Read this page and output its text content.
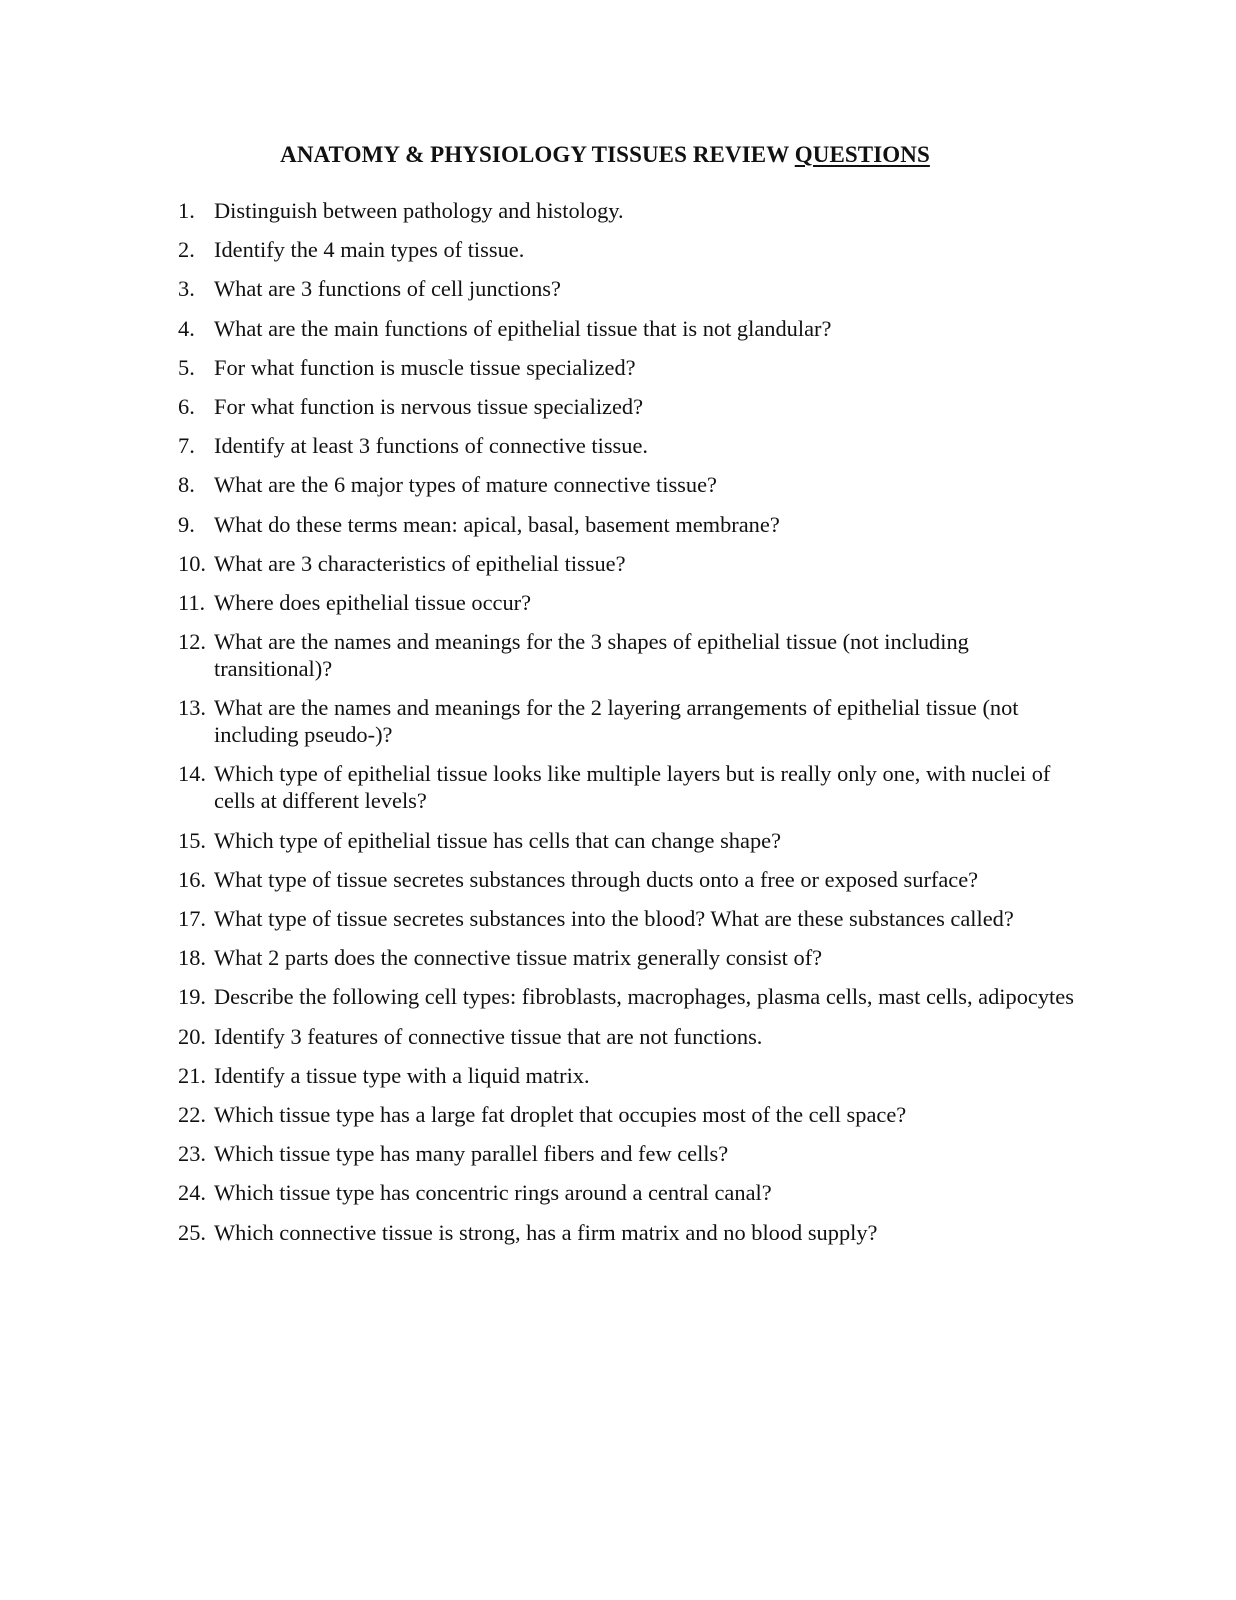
ANATOMY & PHYSIOLOGY TISSUES REVIEW QUESTIONS
1. Distinguish between pathology and histology.
2. Identify the 4 main types of tissue.
3. What are 3 functions of cell junctions?
4. What are the main functions of epithelial tissue that is not glandular?
5. For what function is muscle tissue specialized?
6. For what function is nervous tissue specialized?
7. Identify at least 3 functions of connective tissue.
8. What are the 6 major types of mature connective tissue?
9. What do these terms mean: apical, basal, basement membrane?
10. What are 3 characteristics of epithelial tissue?
11. Where does epithelial tissue occur?
12. What are the names and meanings for the 3 shapes of epithelial tissue (not including transitional)?
13. What are the names and meanings for the 2 layering arrangements of epithelial tissue (not including pseudo-)?
14. Which type of epithelial tissue looks like multiple layers but is really only one, with nuclei of cells at different levels?
15. Which type of epithelial tissue has cells that can change shape?
16. What type of tissue secretes substances through ducts onto a free or exposed surface?
17. What type of tissue secretes substances into the blood? What are these substances called?
18. What 2 parts does the connective tissue matrix generally consist of?
19. Describe the following cell types: fibroblasts, macrophages, plasma cells, mast cells, adipocytes
20. Identify 3 features of connective tissue that are not functions.
21. Identify a tissue type with a liquid matrix.
22. Which tissue type has a large fat droplet that occupies most of the cell space?
23. Which tissue type has many parallel fibers and few cells?
24. Which tissue type has concentric rings around a central canal?
25. Which connective tissue is strong, has a firm matrix and no blood supply?
